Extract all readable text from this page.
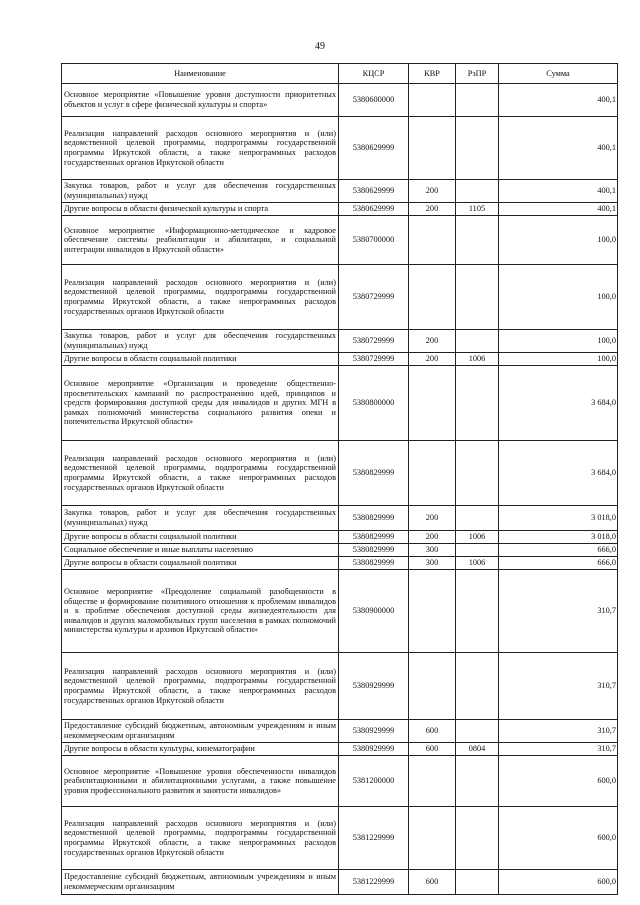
49
Наименование	КЦСР	КВР	РзПР	Сумма
Основное мероприятие «Повышение уровня доступности приоритетных объектов и услуг в сфере физической культуры и спорта»	5380600000			400,1
Реализация направлений расходов основного мероприятия и (или) ведомственной целевой программы, подпрограммы государственной программы Иркутской области, а также непрограммных расходов государственных органов Иркутской области	5380629999			400,1
Закупка товаров, работ и услуг для обеспечения государственных (муниципальных) нужд	5380629999	200		400,1
Другие вопросы в области физической культуры и спорта	5380629999	200	1105	400,1
Основное мероприятие «Информационно-методическое и кадровое обеспечение системы реабилитации и абилитации, и социальной интеграции инвалидов в Иркутской области»	5380700000			100,0
Реализация направлений расходов основного мероприятия и (или) ведомственной целевой программы, подпрограммы государственной программы Иркутской области, а также непрограммных расходов государственных органов Иркутской области	5380729999			100,0
Закупка товаров, работ и услуг для обеспечения государственных (муниципальных) нужд	5380729999	200		100,0
Другие вопросы в области социальной политики	5380729999	200	1006	100,0
Основное мероприятие «Организация и проведение общественно-просветительских кампаний по распространению идей, принципов и средств формирования доступной среды для инвалидов и других МГН в рамках полномочий министерства социального развития опеки и попечительства Иркутской области»	5380800000			3 684,0
Реализация направлений расходов основного мероприятия и (или) ведомственной целевой программы, подпрограммы государственной программы Иркутской области, а также непрограммных расходов государственных органов Иркутской области	5380829999			3 684,0
Закупка товаров, работ и услуг для обеспечения государственных (муниципальных) нужд	5380829999	200		3 018,0
Другие вопросы в области социальной политики	5380829999	200	1006	3 018,0
Социальное обеспечение и иные выплаты населению	5380829999	300		666,0
Другие вопросы в области социальной политики	5380829999	300	1006	666,0
Основное мероприятие «Преодоление социальной разобщенности в обществе и формирование позитивного отношения к проблемам инвалидов и к проблеме обеспечения доступной среды жизнедеятельности для инвалидов и других маломобильных групп населения в рамках полномочий министерства культуры и архивов Иркутской области»	5380900000			310,7
Реализация направлений расходов основного мероприятия и (или) ведомственной целевой программы, подпрограммы государственной программы Иркутской области, а также непрограммных расходов государственных органов Иркутской области	5380929999			310,7
Предоставление субсидий бюджетным, автономным учреждениям и иным некоммерческим организациям	5380929999	600		310,7
Другие вопросы в области культуры, кинематографии	5380929999	600	0804	310,7
Основное мероприятие «Повышение уровня обеспеченности инвалидов реабилитационными и абилитационными услугами, а также повышение уровня профессионального развития и занятости инвалидов»	5381200000			600,0
Реализация направлений расходов основного мероприятия и (или) ведомственной целевой программы, подпрограммы государственной программы Иркутской области, а также непрограммных расходов государственных органов Иркутской области	5381229999			600,0
Предоставление субсидий бюджетным, автономным учреждениям и иным некоммерческим организациям	5381229999	600		600,0
